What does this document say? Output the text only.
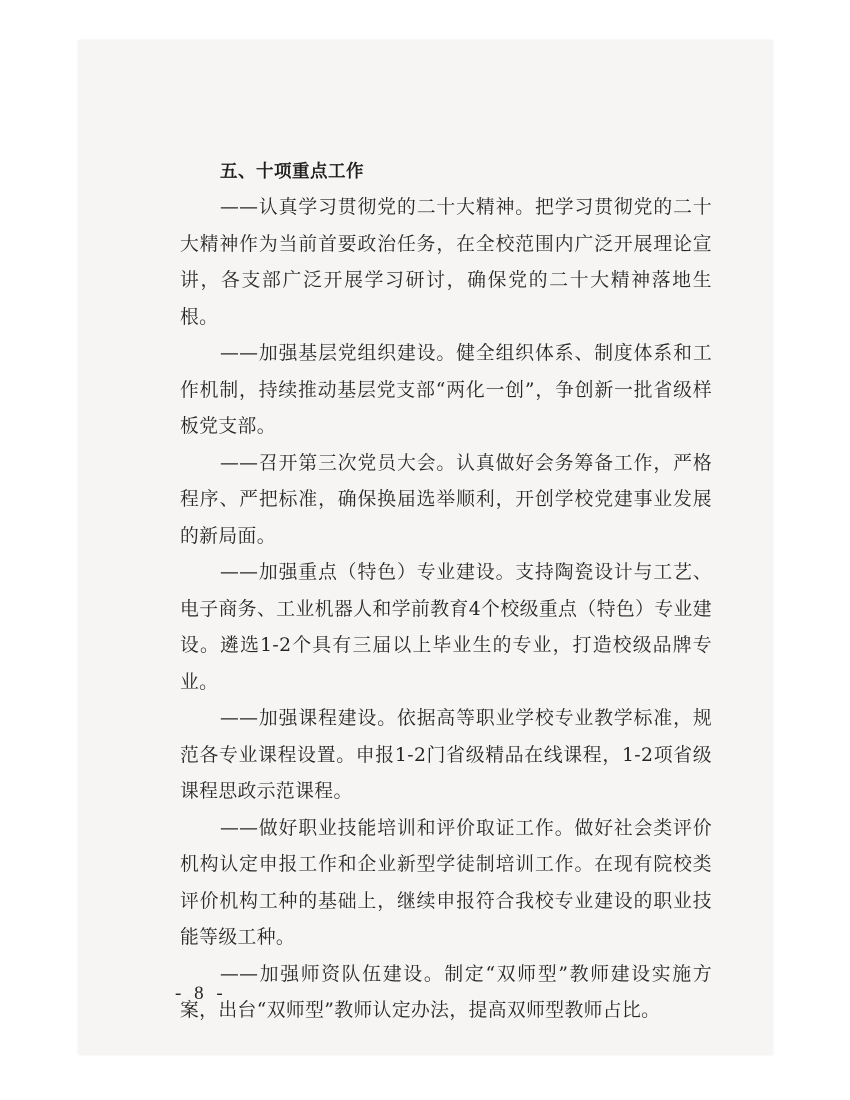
五、十项重点工作

——认真学习贯彻党的二十大精神。把学习贯彻党的二十大精神作为当前首要政治任务，在全校范围内广泛开展理论宣讲，各支部广泛开展学习研讨，确保党的二十大精神落地生根。

——加强基层党组织建设。健全组织体系、制度体系和工作机制，持续推动基层党支部“两化一创”，争创新一批省级样板党支部。

——召开第三次党员大会。认真做好会务筹备工作，严格程序、严把标准，确保换届选举顺利，开创学校党建事业发展的新局面。

——加强重点（特色）专业建设。支持陶瓷设计与工艺、电子商务、工业机器人和学前教育4个校级重点（特色）专业建设。遴选1-2个具有三届以上毕业生的专业，打造校级品牌专业。

——加强课程建设。依据高等职业学校专业教学标准，规范各专业课程设置。申报1-2门省级精品在线课程，1-2项省级课程思政示范课程。

——做好职业技能培训和评价取证工作。做好社会类评价机构认定申报工作和企业新型学徒制培训工作。在现有院校类评价机构工种的基础上，继续申报符合我校专业建设的职业技能等级工种。

——加强师资队伍建设。制定“双师型”教师建设实施方案，出台“双师型”教师认定办法，提高双师型教师占比。

- 8 -
